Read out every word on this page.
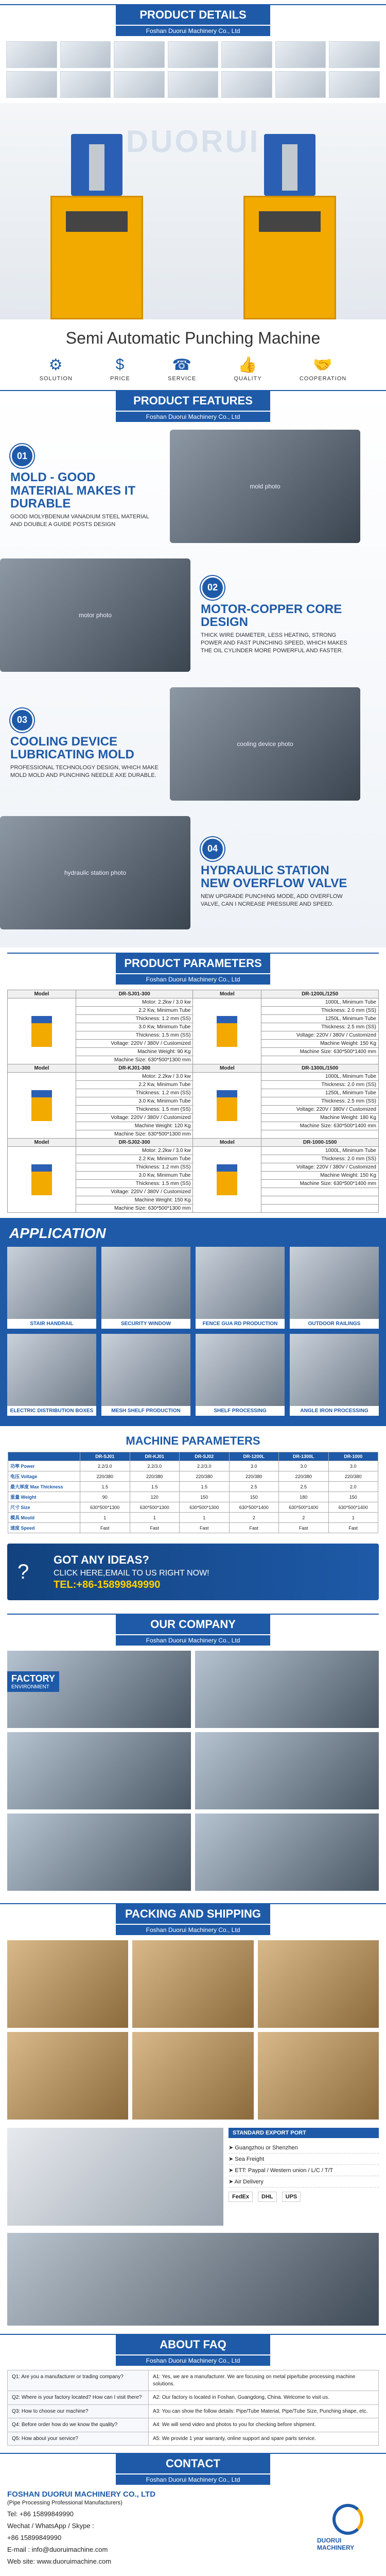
PRODUCT DETAILS
Foshan Duorui Machinery Co., Ltd
DUORUI
Semi Automatic Punching Machine
⚙
SOLUTION
$
PRICE
☎
SERVICE
👍
QUALITY
🤝
COOPERATION
PRODUCT FEATURES
Foshan Duorui Machinery Co., Ltd
01
MOLD - GOOD MATERIAL MAKES IT DURABLE

GOOD MOLYBDENUM VANADIUM STEEL MATERIAL AND DOUBLE A GUIDE POSTS DESIGN

mold photo
motor photo
02
MOTOR-COPPER CORE DESIGN

THICK WIRE DIAMETER, LESS HEATING, STRONG POWER AND FAST PUNCHING SPEED, WHICH MAKES THE OIL CYLINDER MORE POWERFUL AND FASTER.

03
COOLING DEVICE LUBRICATING MOLD

PROFESSIONAL TECHNOLOGY DESIGN, WHICH MAKE MOLD MOLD AND PUNCHING NEEDLE AXE DURABLE.

cooling device photo
hydraulic station photo
04
HYDRAULIC STATION NEW OVERFLOW VALVE

NEW UPGRADE PUNCHING MODE, ADD OVERFLOW VALVE, CAN I NCREASE PRESSURE AND SPEED.

PRODUCT PARAMETERS
Foshan Duorui Machinery Co., Ltd
Model	DR-SJ01-300	Model	DR-1200L/1250

	Motor: 2.2kw / 3.0 kw		1000L, Minimum Tube
	2.2 Kw, Minimum Tube		Thickness: 2.0 mm (SS)
	Thickness: 1.2 mm (SS)		1250L, Minimum Tube
	3.0 Kw, Minimum Tube		Thickness: 2.5 mm (SS)
	Thickness: 1.5 mm (SS)		Voltage: 220V / 380V / Customized
	Voltage: 220V / 380V / Customized		Machine Weight: 150 Kg
	Machine Weight: 90 Kg		Machine Size: 630*500*1400 mm
	Machine Size: 630*500*1300 mm		
Model	DR-KJ01-300	Model	DR-1300L/1500

	Motor: 2.2kw / 3.0 kw		1000L, Minimum Tube
	2.2 Kw, Minimum Tube		Thickness: 2.0 mm (SS)
	Thickness: 1.2 mm (SS)		1250L, Minimum Tube
	3.0 Kw, Minimum Tube		Thickness: 2.5 mm (SS)
	Thickness: 1.5 mm (SS)		Voltage: 220V / 380V / Customized
	Voltage: 220V / 380V / Customized		Machine Weight: 180 Kg
	Machine Weight: 120 Kg		Machine Size: 630*500*1400 mm
	Machine Size: 630*500*1300 mm		
Model	DR-SJ02-300	Model	DR-1000-1500

	Motor: 2.2kw / 3.0 kw		1000L, Minimum Tube
	2.2 Kw, Minimum Tube		Thickness: 2.0 mm (SS)
	Thickness: 1.2 mm (SS)		Voltage: 220V / 380V / Customized
	3.0 Kw, Minimum Tube		Machine Weight: 150 Kg
	Thickness: 1.5 mm (SS)		Machine Size: 630*500*1400 mm
	Voltage: 220V / 380V / Customized		
	Machine Weight: 150 Kg		
	Machine Size: 630*500*1300 mm		
APPLICATION
STAIR HANDRAIL	SECURITY WINDOW	FENCE GUA RD PRODUCTION	OUTDOOR RAILINGS
ELECTRIC DISTRIBUTION BOXES	MESH SHELF PRODUCTION	SHELF PROCESSING	ANGLE IRON PROCESSING
MACHINE PARAMETERS
	DR-SJ01	DR-KJ01	DR-SJ02	DR-1200L	DR-1300L	DR-1000
功率 Power	2.2/3.0	2.2/3.0	2.2/3.0	3.0	3.0	3.0
电压 Voltage	220/380	220/380	220/380	220/380	220/380	220/380
最大厚度 Max Thickness	1.5	1.5	1.5	2.5	2.5	2.0
重量 Weight	90	120	150	150	180	150
尺寸 Size	630*500*1300	630*500*1300	630*500*1300	630*500*1400	630*500*1400	630*500*1400
模具 Mould	1	1	1	2	2	1
速度 Speed	Fast	Fast	Fast	Fast	Fast	Fast
?
GOT ANY IDEAS?
CLICK HERE,EMAIL TO US RIGHT NOW!
TEL:+86-15899849990
OUR COMPANY
Foshan Duorui Machinery Co., Ltd
FACTORY
ENVIRONMENT
PACKING AND SHIPPING
Foshan Duorui Machinery Co., Ltd
STANDARD EXPORT PORT
➤ Guangzhou or Shenzhen
➤ Sea Freight
➤ ETT: Paypal / Western union / L/C / T/T
➤ Air Delivery
FedEx	DHL	UPS
ABOUT FAQ
Foshan Duorui Machinery Co., Ltd
Q1: Are you a manufacturer or trading company?	A1: Yes, we are a manufacturer. We are focusing on metal pipe/tube processing machine solutions.
Q2: Where is your factory located? How can I visit there?	A2: Our factory is located in Foshan, Guangdong, China. Welcome to visit us.
Q3: How to choose our machine?	A3: You can show the follow details: Pipe/Tube Material, Pipe/Tube Size, Punching shape, etc.
Q4: Before order how do we know the quality?	A4: We will send video and photos to you for checking before shipment.
Q5: How about your service?	A5: We provide 1 year warranty, online support and spare parts service.
CONTACT
Foshan Duorui Machinery Co., Ltd
FOSHAN DUORUI MACHINERY CO., LTD
(Pipe Processing Professional Manufacturers)
Tel: +86 15899849990
Wechat / WhatsApp / Skype :
+86 15899849990
E-mail : info@duoruimachine.com
Web site: www.duoruimachine.com
DUORUI MACHINERY
